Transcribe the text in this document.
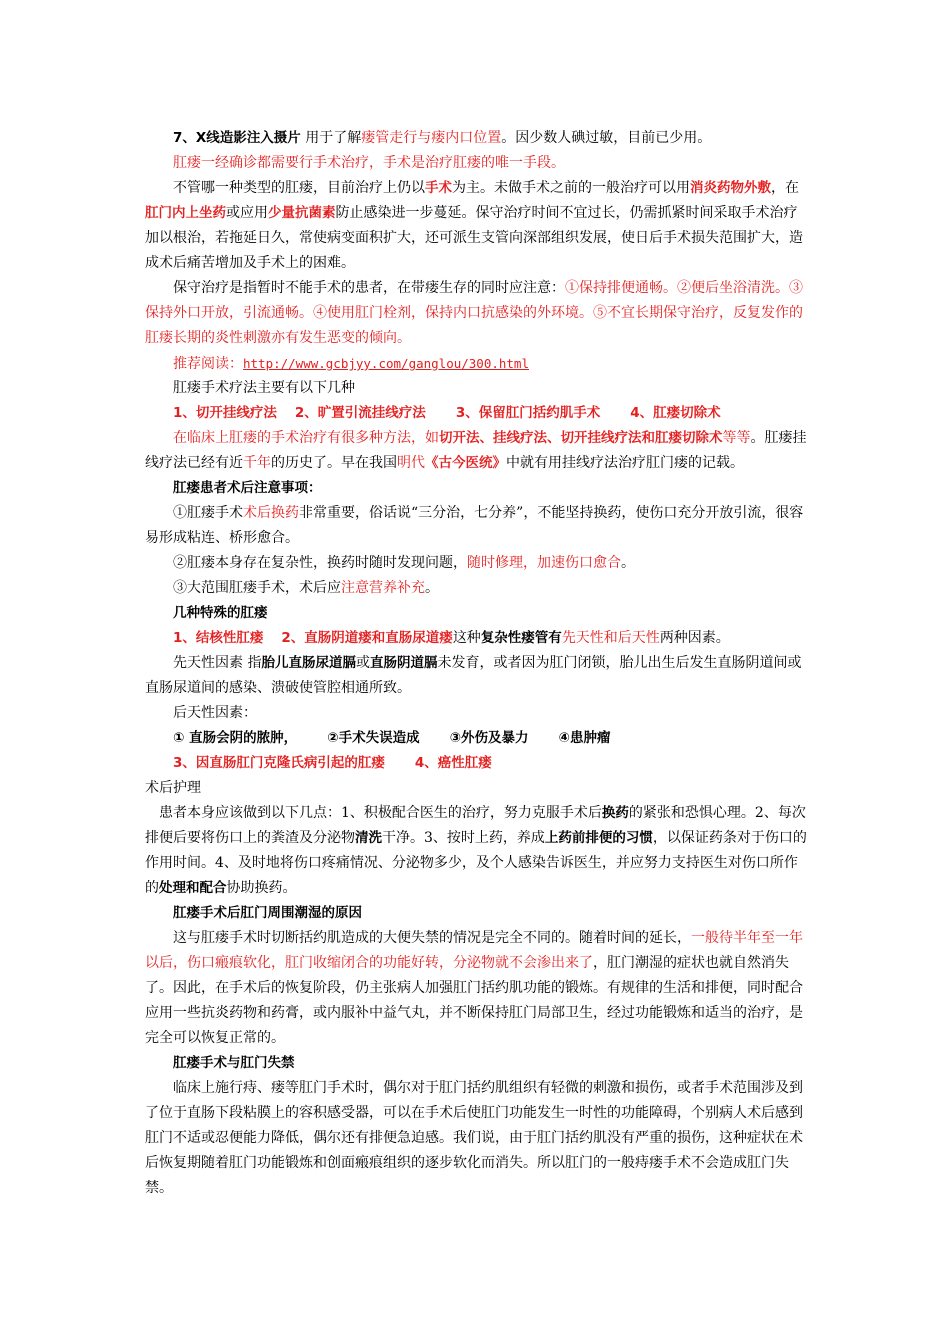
7、X线造影注入摄片 用于了解瘘管走行与瘘内口位置。因少数人碘过敏，目前已少用。

肛瘘一经确诊都需要行手术治疗，手术是治疗肛瘘的唯一手段。

不管哪一种类型的肛瘘，目前治疗上仍以手术为主。未做手术之前的一般治疗可以用消炎药物外敷，在肛门内上坐药或应用少量抗菌素防止感染进一步蔓延。保守治疗时间不宜过长，仍需抓紧时间采取手术治疗加以根治，若拖延日久，常使病变面积扩大，还可派生支管向深部组织发展，使日后手术损失范围扩大，造成术后痛苦增加及手术上的困难。

保守治疗是指暂时不能手术的患者，在带瘘生存的同时应注意：①保持排便通畅。②便后坐浴清洗。③保持外口开放，引流通畅。④使用肛门栓剂，保持内口抗感染的外环境。⑤不宜长期保守治疗，反复发作的肛瘘长期的炎性刺激亦有发生恶变的倾向。

推荐阅读：http://www.gcbjyy.com/ganglou/300.html

肛瘘手术疗法主要有以下几种

1、切开挂线疗法 2、旷置引流挂线疗法 3、保留肛门括约肌手术 4、肛瘘切除术

在临床上肛瘘的手术治疗有很多种方法，如切开法、挂线疗法、切开挂线疗法和肛瘘切除术等等。肛瘘挂线疗法已经有近千年的历史了。早在我国明代《古今医统》中就有用挂线疗法治疗肛门瘘的记载。

肛瘘患者术后注意事项：

①肛瘘手术术后换药非常重要，俗话说“三分治，七分养”，不能坚持换药，使伤口充分开放引流，很容易形成粘连、桥形愈合。

②肛瘘本身存在复杂性，换药时随时发现问题，随时修理，加速伤口愈合。

③大范围肛瘘手术，术后应注意营养补充。

几种特殊的肛瘘

1、结核性肛瘘 2、直肠阴道瘘和直肠尿道瘘这种复杂性瘘管有先天性和后天性两种因素。

先天性因素 指胎儿直肠尿道膈或直肠阴道膈未发育，或者因为肛门闭锁，胎儿出生后发生直肠阴道间或直肠尿道间的感染、溃破使管腔相通所致。

后天性因素：

① 直肠会阴的脓肿， ②手术失误造成 ③外伤及暴力 ④患肿瘤

3、因直肠肛门克隆氏病引起的肛瘘 4、癌性肛瘘

术后护理

患者本身应该做到以下几点：1、积极配合医生的治疗，努力克服手术后换药的紧张和恐惧心理。2、每次排便后要将伤口上的粪渣及分泌物清洗干净。3、按时上药，养成上药前排便的习惯，以保证药条对于伤口的作用时间。4、及时地将伤口疼痛情况、分泌物多少，及个人感染告诉医生，并应努力支持医生对伤口所作的处理和配合协助换药。

肛瘘手术后肛门周围潮湿的原因

这与肛瘘手术时切断括约肌造成的大便失禁的情况是完全不同的。随着时间的延长，一般待半年至一年以后，伤口瘢痕软化，肛门收缩闭合的功能好转，分泌物就不会渗出来了，肛门潮湿的症状也就自然消失了。因此，在手术后的恢复阶段，仍主张病人加强肛门括约肌功能的锻炼。有规律的生活和排便，同时配合应用一些抗炎药物和药膏，或内服补中益气丸，并不断保持肛门局部卫生，经过功能锻炼和适当的治疗，是完全可以恢复正常的。

肛瘘手术与肛门失禁

临床上施行痔、瘘等肛门手术时，偶尔对于肛门括约肌组织有轻微的刺激和损伤，或者手术范围涉及到了位于直肠下段粘膜上的容积感受器，可以在手术后使肛门功能发生一时性的功能障碍，个别病人术后感到肛门不适或忍便能力降低，偶尔还有排便急迫感。我们说，由于肛门括约肌没有严重的损伤，这种症状在术后恢复期随着肛门功能锻炼和创面瘢痕组织的逐步软化而消失。所以肛门的一般痔瘘手术不会造成肛门失禁。
